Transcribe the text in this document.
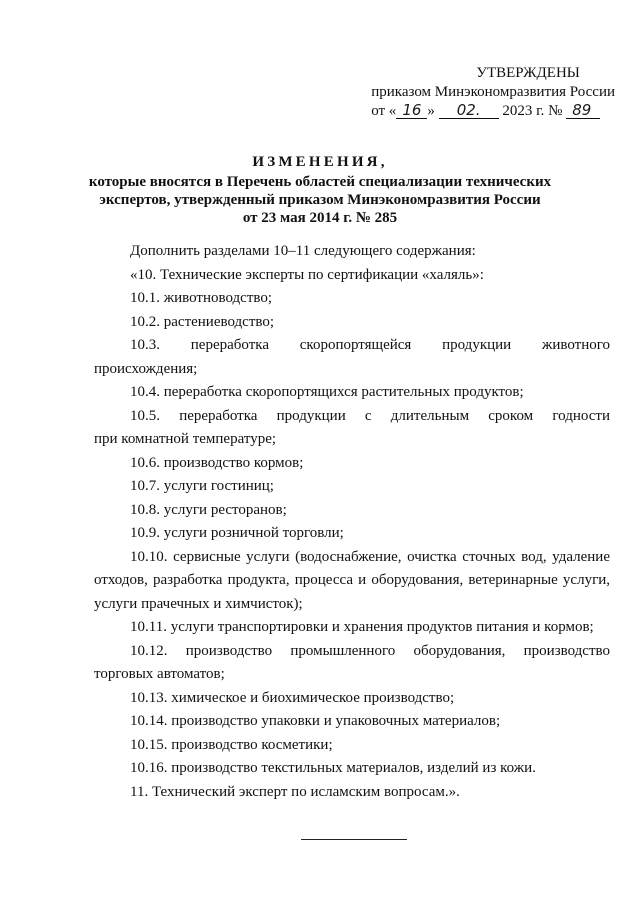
УТВЕРЖДЕНЫ
приказом Минэкономразвития России
от « 16 » 02. 2023 г. № 89
ИЗМЕНЕНИЯ,
которые вносятся в Перечень областей специализации технических
экспертов, утвержденный приказом Минэкономразвития России
от 23 мая 2014 г. № 285
Дополнить разделами 10–11 следующего содержания:
«10. Технические эксперты по сертификации «халяль»:
10.1. животноводство;
10.2. растениеводство;
10.3. переработка скоропортящейся продукции животного
происхождения;
10.4. переработка скоропортящихся растительных продуктов;
10.5. переработка продукции с длительным сроком годности
при комнатной температуре;
10.6. производство кормов;
10.7. услуги гостиниц;
10.8. услуги ресторанов;
10.9. услуги розничной торговли;
10.10. сервисные услуги (водоснабжение, очистка сточных вод, удаление
отходов, разработка продукта, процесса и оборудования, ветеринарные услуги,
услуги прачечных и химчисток);
10.11. услуги транспортировки и хранения продуктов питания и кормов;
10.12. производство промышленного оборудования, производство
торговых автоматов;
10.13. химическое и биохимическое производство;
10.14. производство упаковки и упаковочных материалов;
10.15. производство косметики;
10.16. производство текстильных материалов, изделий из кожи.
11. Технический эксперт по исламским вопросам.».
